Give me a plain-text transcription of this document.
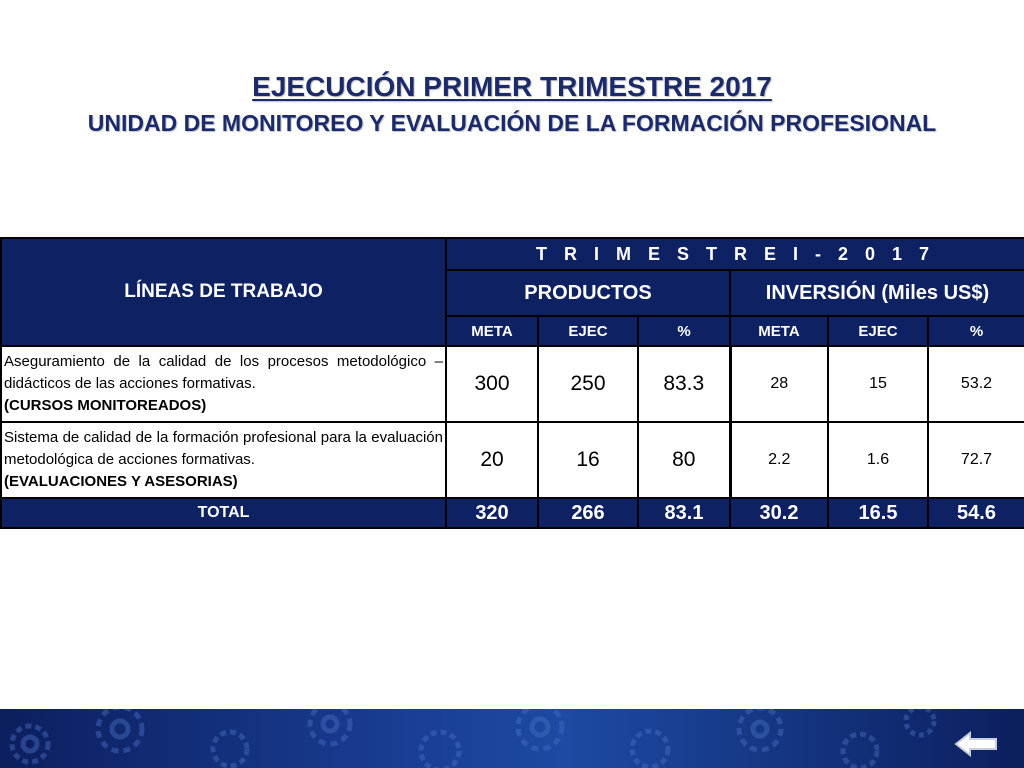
EJECUCIÓN PRIMER TRIMESTRE 2017
UNIDAD DE MONITOREO Y EVALUACIÓN DE LA FORMACIÓN PROFESIONAL
LÍNEAS DE TRABAJO	T R I M E S T R E I - 2 0 1 7					
	PRODUCTOS			INVERSIÓN (Miles US$)		
	META	EJEC	%	META	EJEC	%
Aseguramiento de la calidad de los procesos metodológico – didácticos de las acciones formativas.
(CURSOS MONITOREADOS)	300	250	83.3	28	15	53.2
Sistema de calidad de la formación profesional para la evaluación metodológica de acciones formativas.
(EVALUACIONES Y ASESORIAS)	20	16	80	2.2	1.6	72.7
TOTAL	320	266	83.1	30.2	16.5	54.6
